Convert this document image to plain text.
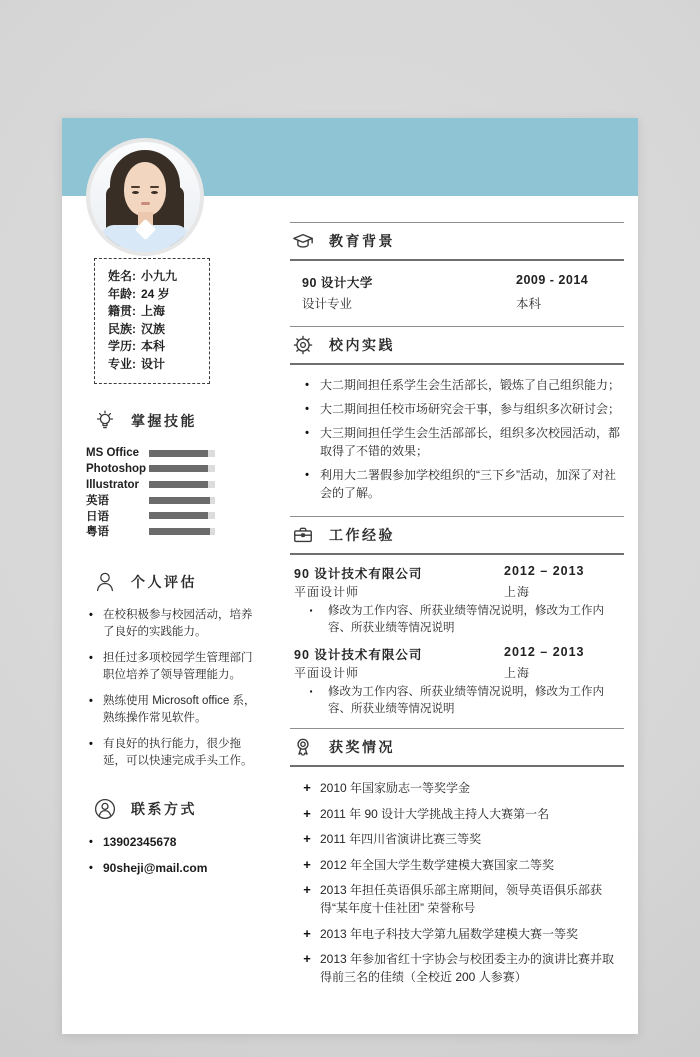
姓名: 小九九
年龄: 24 岁
籍贯: 上海
民族: 汉族
学历: 本科
专业: 设计
掌握技能
MS Office
Photoshop
Illustrator
英语
日语
粤语
个人评估
• 在校积极参与校园活动，培养了良好的实践能力。
• 担任过多项校园学生管理部门职位培养了领导管理能力。
• 熟练使用 Microsoft office 系，熟练操作常见软件。
• 有良好的执行能力，很少拖延，可以快速完成手头工作。
联系方式
• 13902345678
• 90sheji@mail.com
教育背景
90 设计大学	2009 - 2014
设计专业	本科
校内实践
• 大二期间担任系学生会生活部长，锻炼了自己组织能力；
• 大二期间担任校市场研究会干事，参与组织多次研讨会；
• 大三期间担任学生会生活部部长，组织多次校园活动，都取得了不错的效果；
• 利用大二署假参加学校组织的“三下乡”活动，加深了对社会的了解。
工作经验
90 设计技术有限公司	2012 – 2013
平面设计师	上海
▪	修改为工作内容、所获业绩等情况说明，修改为工作内容、所获业绩等情况说明
90 设计技术有限公司	2012 – 2013
平面设计师	上海
▪	修改为工作内容、所获业绩等情况说明，修改为工作内容、所获业绩等情况说明
获奖情况
+ 2010 年国家励志一等奖学金
+ 2011 年 90 设计大学挑战主持人大赛第一名
+ 2011 年四川省演讲比赛三等奖
+ 2012 年全国大学生数学建模大赛国家二等奖
+ 2013 年担任英语俱乐部主席期间，领导英语俱乐部获得“某年度十佳社团” 荣誉称号
+ 2013 年电子科技大学第九届数学建模大赛一等奖
+ 2013 年参加省红十字协会与校团委主办的演讲比赛并取得前三名的佳绩（全校近 200 人参赛）
